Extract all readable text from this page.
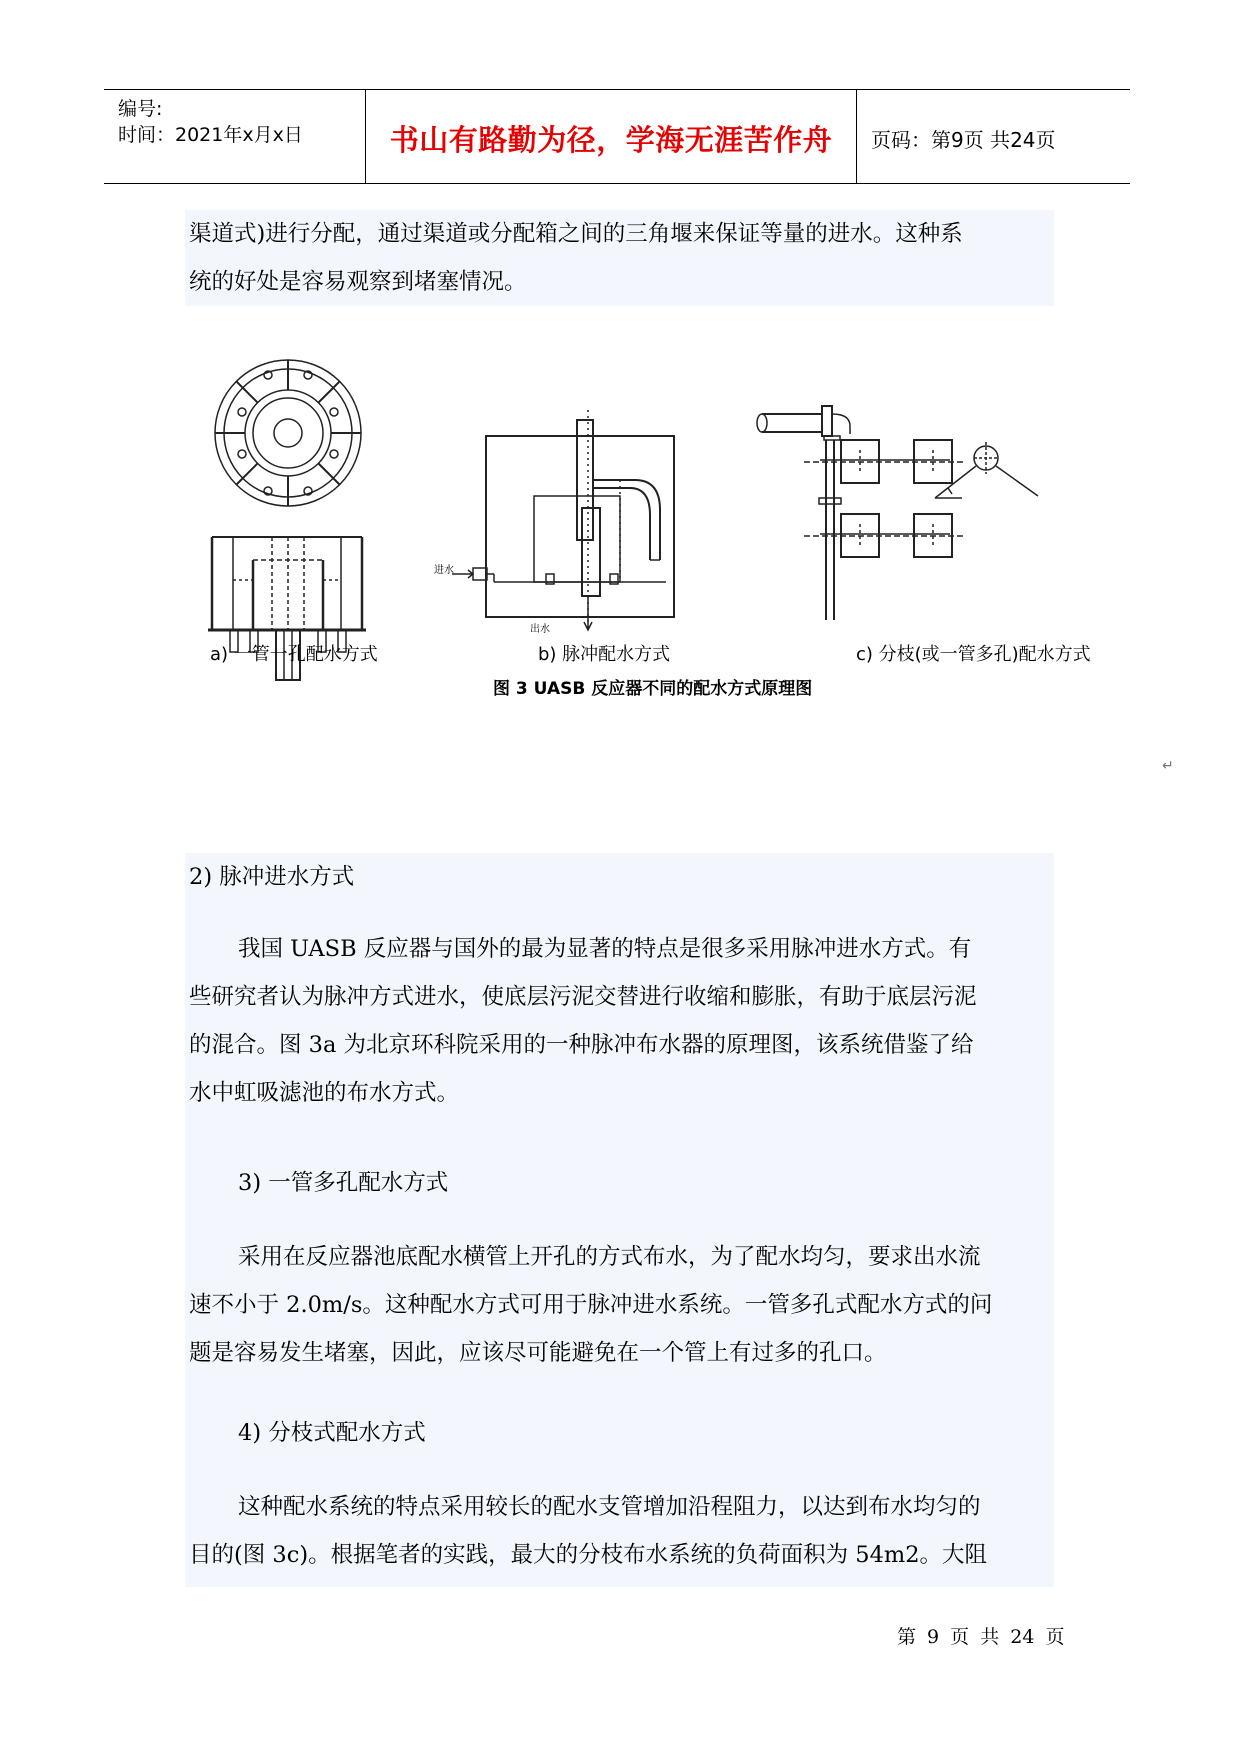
编号:
时间：2021年x月x日	书山有路勤为径，学海无涯苦作舟	页码：第9页 共24页
渠道式)进行分配，通过渠道或分配箱之间的三角堰来保证等量的进水。这种系
统的好处是容易观察到堵塞情况。
进水
出水
a) 一管一孔配水方式	b) 脉冲配水方式	c) 分枝(或一管多孔)配水方式
图 3 UASB 反应器不同的配水方式原理图
↵
2) 脉冲进水方式
我国 UASB 反应器与国外的最为显著的特点是很多采用脉冲进水方式。有
些研究者认为脉冲方式进水，使底层污泥交替进行收缩和膨胀，有助于底层污泥
的混合。图 3a 为北京环科院采用的一种脉冲布水器的原理图，该系统借鉴了给
水中虹吸滤池的布水方式。
3) 一管多孔配水方式
采用在反应器池底配水横管上开孔的方式布水，为了配水均匀，要求出水流
速不小于 2.0m/s。这种配水方式可用于脉冲进水系统。一管多孔式配水方式的问
题是容易发生堵塞，因此，应该尽可能避免在一个管上有过多的孔口。
4) 分枝式配水方式
这种配水系统的特点采用较长的配水支管增加沿程阻力，以达到布水均匀的
目的(图 3c)。根据笔者的实践，最大的分枝布水系统的负荷面积为 54m2。大阻
第 9 页 共 24 页
